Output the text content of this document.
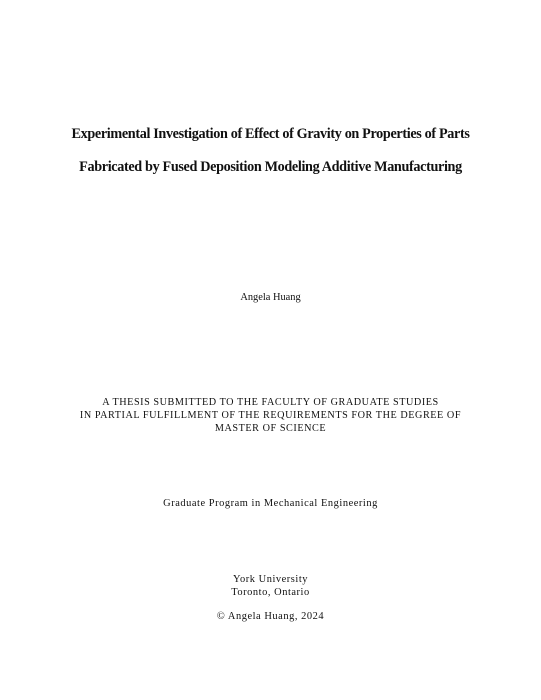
Experimental Investigation of Effect of Gravity on Properties of Parts
Fabricated by Fused Deposition Modeling Additive Manufacturing
Angela Huang
A THESIS SUBMITTED TO THE FACULTY OF GRADUATE STUDIES
IN PARTIAL FULFILLMENT OF THE REQUIREMENTS FOR THE DEGREE OF
MASTER OF SCIENCE
Graduate Program in Mechanical Engineering
York University
Toronto, Ontario
© Angela Huang, 2024
